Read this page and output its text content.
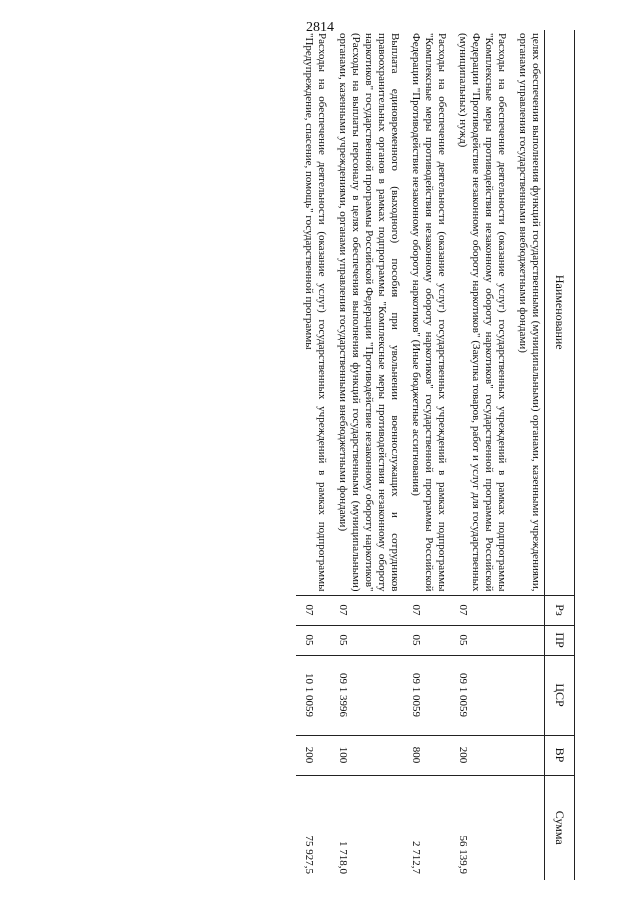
2814
Наименование	Рз	ПР	ЦСР	ВР	Сумма
целях обеспечения выполнения функций государственными (муниципальными) органами, казенными учреждениями, органами управления государственными внебюджетными фондами)					
Расходы на обеспечение деятельности (оказание услуг) государственных учреждений в рамках подпрограммы "Комплексные меры противодействия незаконному обороту наркотиков" государственной программы Российской Федерации "Противодействие незаконному обороту наркотиков" (Закупка товаров, работ и услуг для государственных (муниципальных) нужд)	07	05	09 1 0059	200	56 139,9
Расходы на обеспечение деятельности (оказание услуг) государственных учреждений в рамках подпрограммы "Комплексные меры противодействия незаконному обороту наркотиков" государственной программы Российской Федерации "Противодействие незаконному обороту наркотиков" (Иные бюджетные ассигнования)	07	05	09 1 0059	800	2 712,7
Выплата единовременного (выходного) пособия при увольнении военнослужащих и сотрудников правоохранительных органов в рамках подпрограммы "Комплексные меры противодействия незаконному обороту наркотиков" государственной программы Российской Федерации "Противодействие незаконному обороту наркотиков" (Расходы на выплаты персоналу в целях обеспечения выполнения функций государственными (муниципальными) органами, казенными учреждениями, органами управления государственными внебюджетными фондами)	07	05	09 1 3996	100	1 718,0
Расходы на обеспечение деятельности (оказание услуг) государственных учреждений в рамках подпрограммы "Предупреждение, спасение, помощь" государственной программы	07	05	10 1 0059	200	75 927,5
